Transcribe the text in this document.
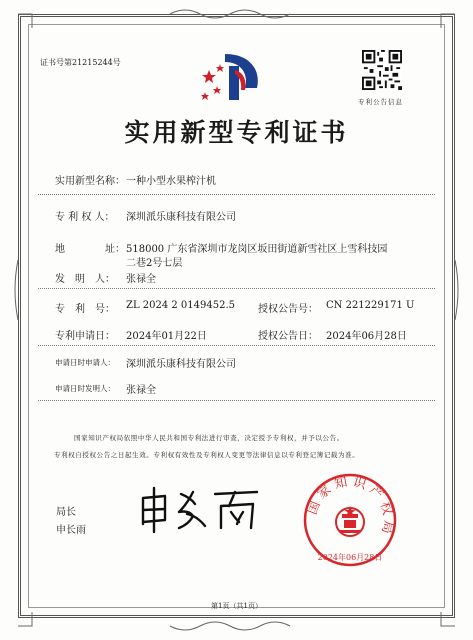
证书号第21215244号
专利公告信息
实用新型专利证书
实用新型名称： 一种小型水果榨汁机
专 利 权 人： 深圳派乐康科技有限公司
地　　　　址： 518000 广东省深圳市龙岗区坂田街道新雪社区上雪科技园
二巷2号七层
发　明　人： 张禄全
专　利　号： ZL 2024 2 0149452.5 授权公告号： CN 221229171 U
专利申请日： 2024年01月22日	授权公告日： 2024年06月28日
申请日时申请人： 深圳派乐康科技有限公司
申请日时发明人： 张禄全
国家知识产权局依照中华人民共和国专利法进行审查，决定授予专利权，并予以公告。
专利权自授权公告之日起生效。专利权有效性及专利权人变更等法律信息以专利登记簿记载为准。
局长
申长雨
国家知识产权局
2024年06月28日
第1页（共1页）
